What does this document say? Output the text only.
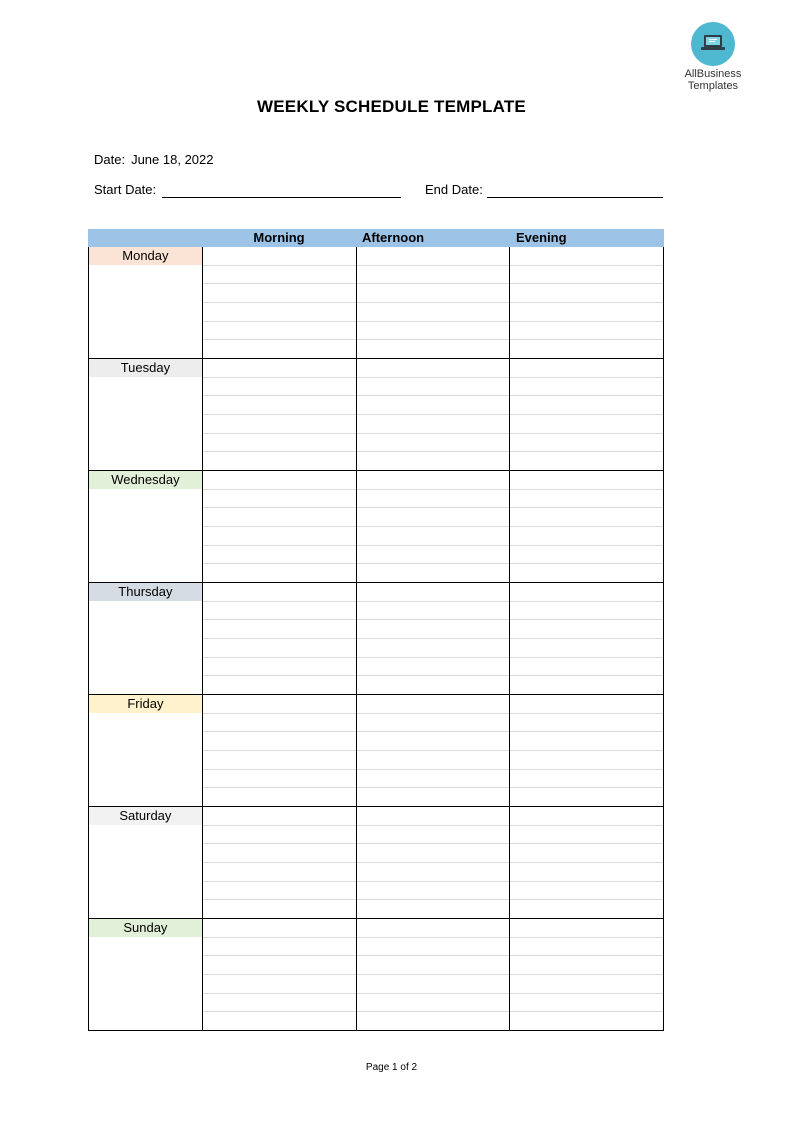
AllBusiness
Templates
WEEKLY SCHEDULE TEMPLATE
Date: June 18, 2022
Start Date:	End Date:
Morning	Afternoon	Evening
Monday
Tuesday
Wednesday
Thursday
Friday
Saturday
Sunday
Page 1 of 2
